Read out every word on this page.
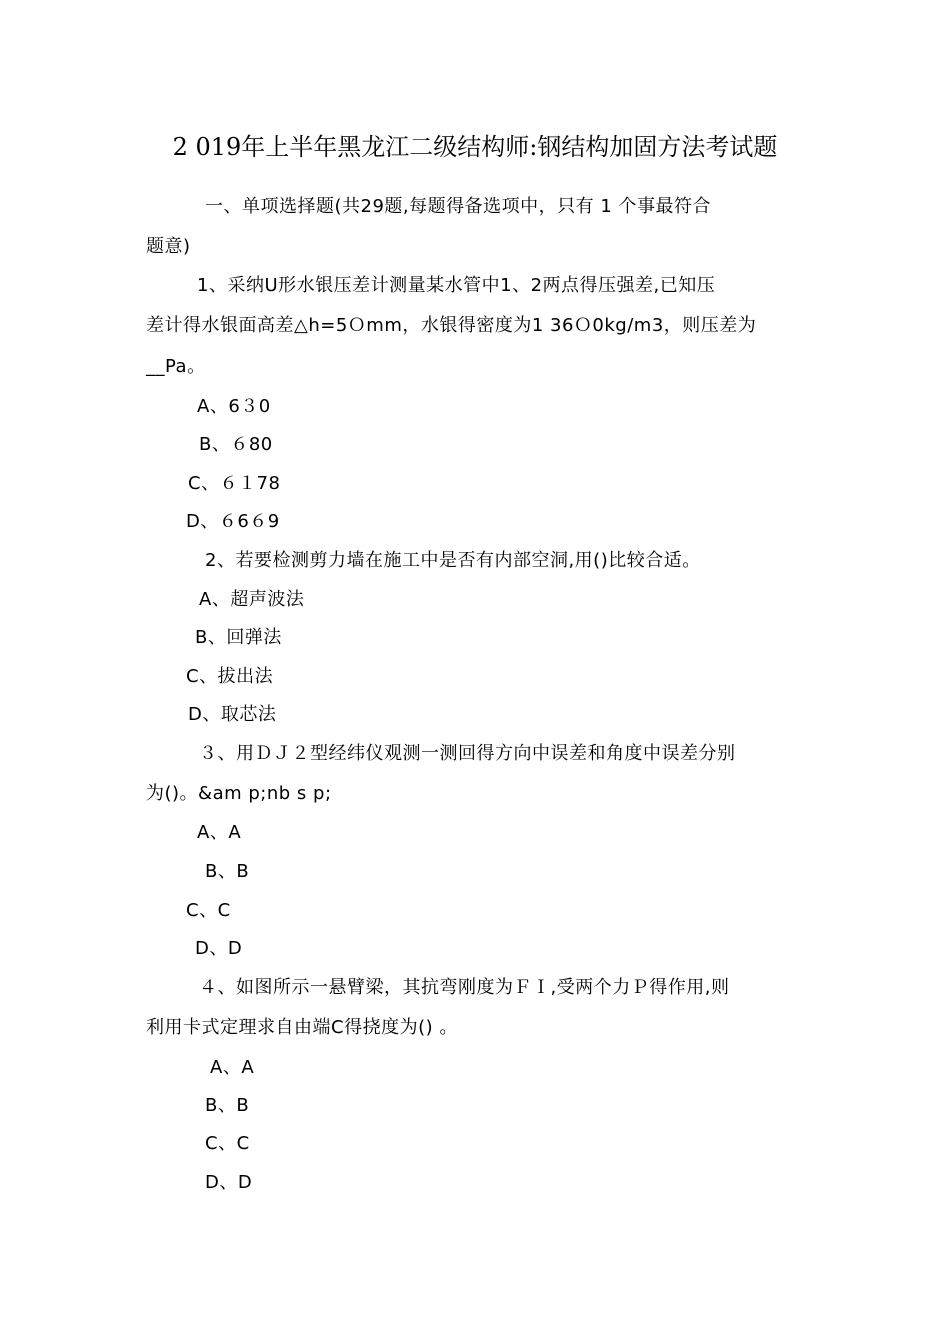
2 019年上半年黑龙江二级结构师:钢结构加固方法考试题
一、单项选择题(共29题,每题得备选项中，只有 1 个事最符合
题意)
1、采纳U形水银压差计测量某水管中1、2两点得压强差,已知压
差计得水银面高差△h=5Ｏmm，水银得密度为1 36Ｏ0kg/m3，则压差为
__Pa。
A、6３0
B、６80
C、６１78
D、６6６9
2、若要检测剪力墙在施工中是否有内部空洞,用()比较合适。
A、超声波法
B、回弹法
C、拔出法
D、取芯法
３、用ＤＪ２型经纬仪观测一测回得方向中误差和角度中误差分别
为()。&am p;nb s p;
A、A
B、B
C、C
D、D
４、如图所示一悬臂梁，其抗弯刚度为ＦＩ,受两个力Ｐ得作用,则
利用卡式定理求自由端C得挠度为() 。
A、A
B、B
C、C
D、D
